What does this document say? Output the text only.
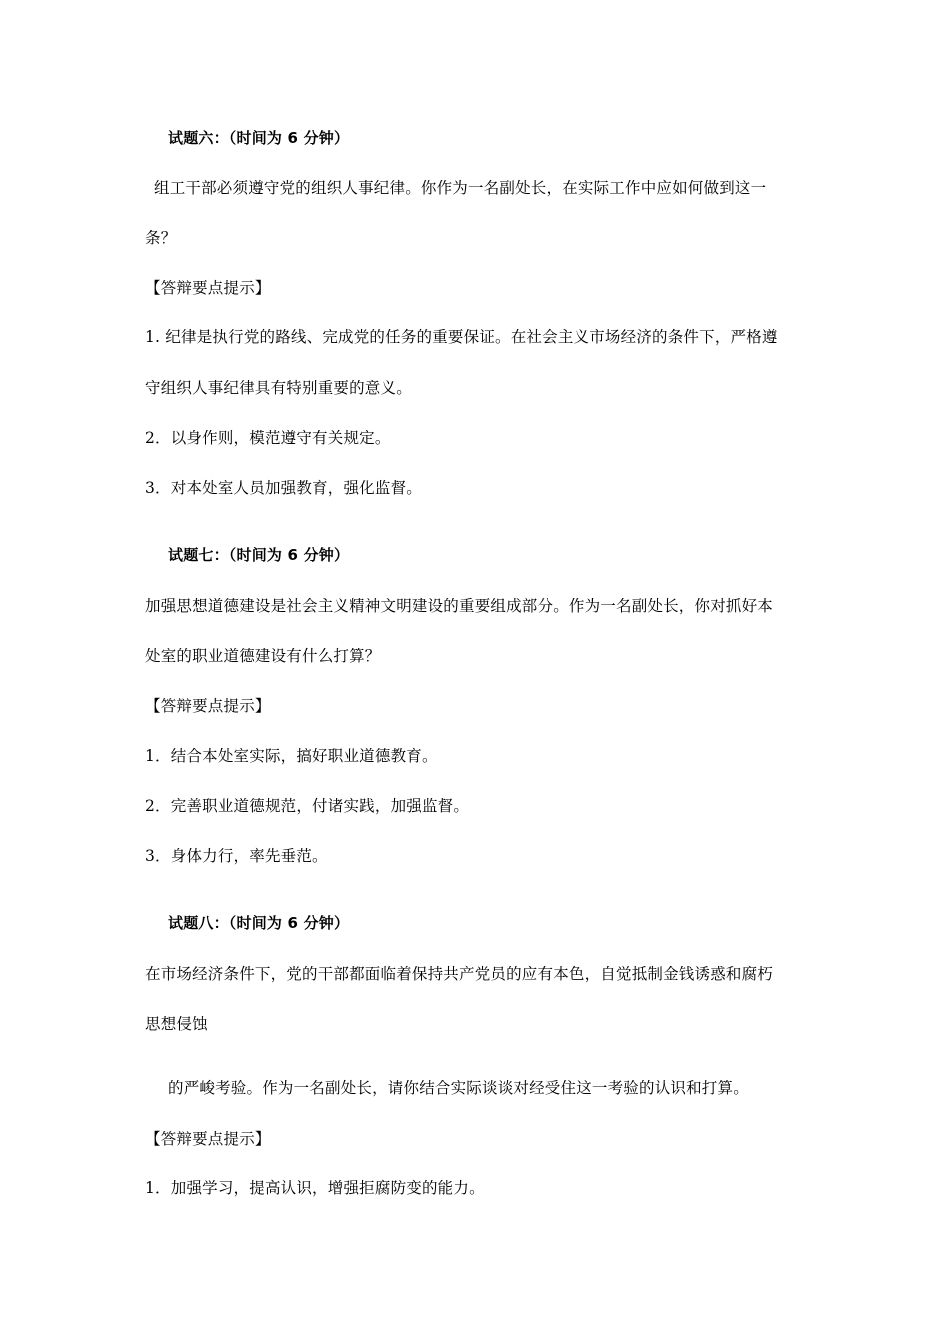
试题六：（时间为 6 分钟）
组工干部必须遵守党的组织人事纪律。你作为一名副处长，在实际工作中应如何做到这一
条？
【答辩要点提示】
1. 纪律是执行党的路线、完成党的任务的重要保证。在社会主义市场经济的条件下，严格遵
守组织人事纪律具有特别重要的意义。
2．以身作则，模范遵守有关规定。
3．对本处室人员加强教育，强化监督。
试题七：（时间为 6 分钟）
加强思想道德建设是社会主义精神文明建设的重要组成部分。作为一名副处长，你对抓好本
处室的职业道德建设有什么打算？
【答辩要点提示】
1．结合本处室实际，搞好职业道德教育。
2．完善职业道德规范，付诸实践，加强监督。
3．身体力行，率先垂范。
试题八：（时间为 6 分钟）
在市场经济条件下，党的干部都面临着保持共产党员的应有本色，自觉抵制金钱诱惑和腐朽
思想侵蚀
的严峻考验。作为一名副处长，请你结合实际谈谈对经受住这一考验的认识和打算。
【答辩要点提示】
1．加强学习，提高认识，增强拒腐防变的能力。
